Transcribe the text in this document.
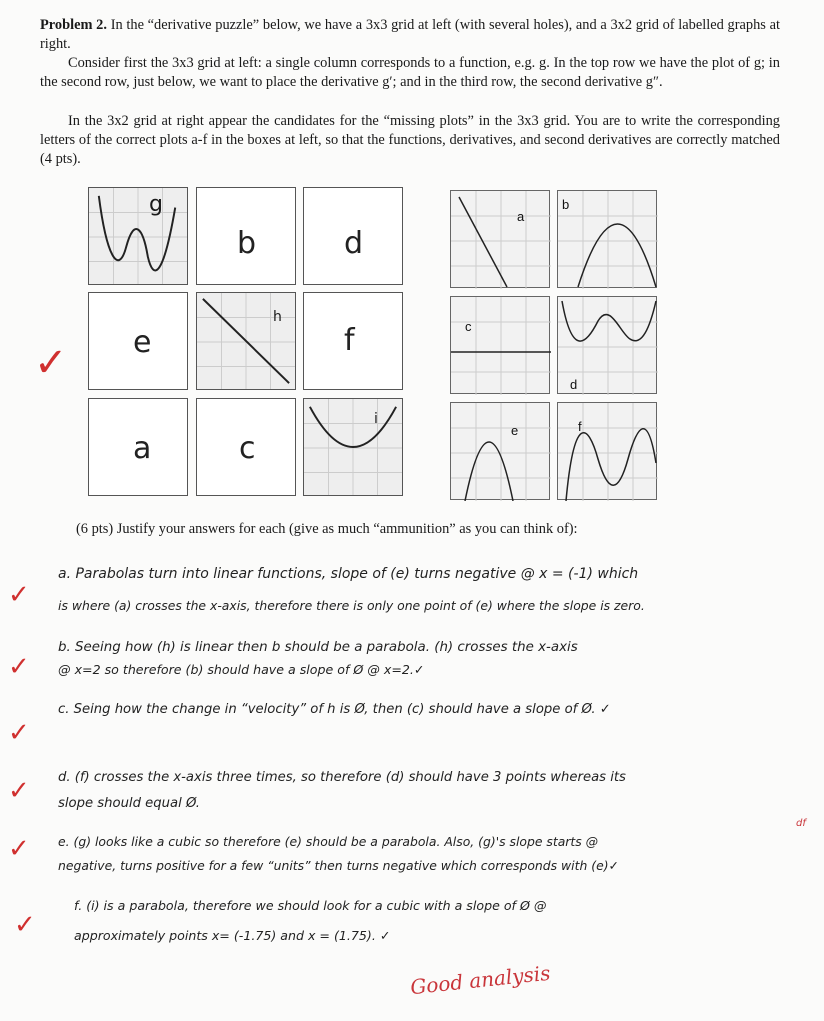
Problem 2. In the “derivative puzzle” below, we have a 3x3 grid at left (with several holes), and a 3x2 grid of labelled graphs at right.

Consider first the 3x3 grid at left: a single column corresponds to a function, e.g. g. In the top row we have the plot of g; in the second row, just below, we want to place the derivative g′; and in the third row, the second derivative g″.

In the 3x2 grid at right appear the candidates for the “missing plots” in the 3x3 grid. You are to write the corresponding letters of the correct plots a-f in the boxes at left, so that the functions, derivatives, and second derivatives are correctly matched (4 pts).

g
b	d
e
h
f
a	c
i
a
b
c
d
e	f
✓
(6 pts) Justify your answers for each (give as much “ammunition” as you can think of):
✓
a. Parabolas turn into linear functions, slope of (e) turns negative @ x = (-1) which
is where (a) crosses the x-axis, therefore there is only one point of (e) where the slope is zero.
✓
b. Seeing how (h) is linear then b should be a parabola. (h) crosses the x-axis
@ x=2 so therefore (b) should have a slope of Ø @ x=2.✓
✓
c. Seing how the change in “velocity” of h is Ø, then (c) should have a slope of Ø. ✓
✓ d. (f) crosses the x-axis three times, so therefore (d) should have 3 points whereas its
slope should equal Ø.
✓ e. (g) looks like a cubic so therefore (e) should be a parabola. Also, (g)'s slope starts @
negative, turns positive for a few “units” then turns negative which corresponds with (e)✓
df
✓
f. (i) is a parabola, therefore we should look for a cubic with a slope of Ø @
approximately points x= (-1.75) and x = (1.75). ✓
Good analysis
